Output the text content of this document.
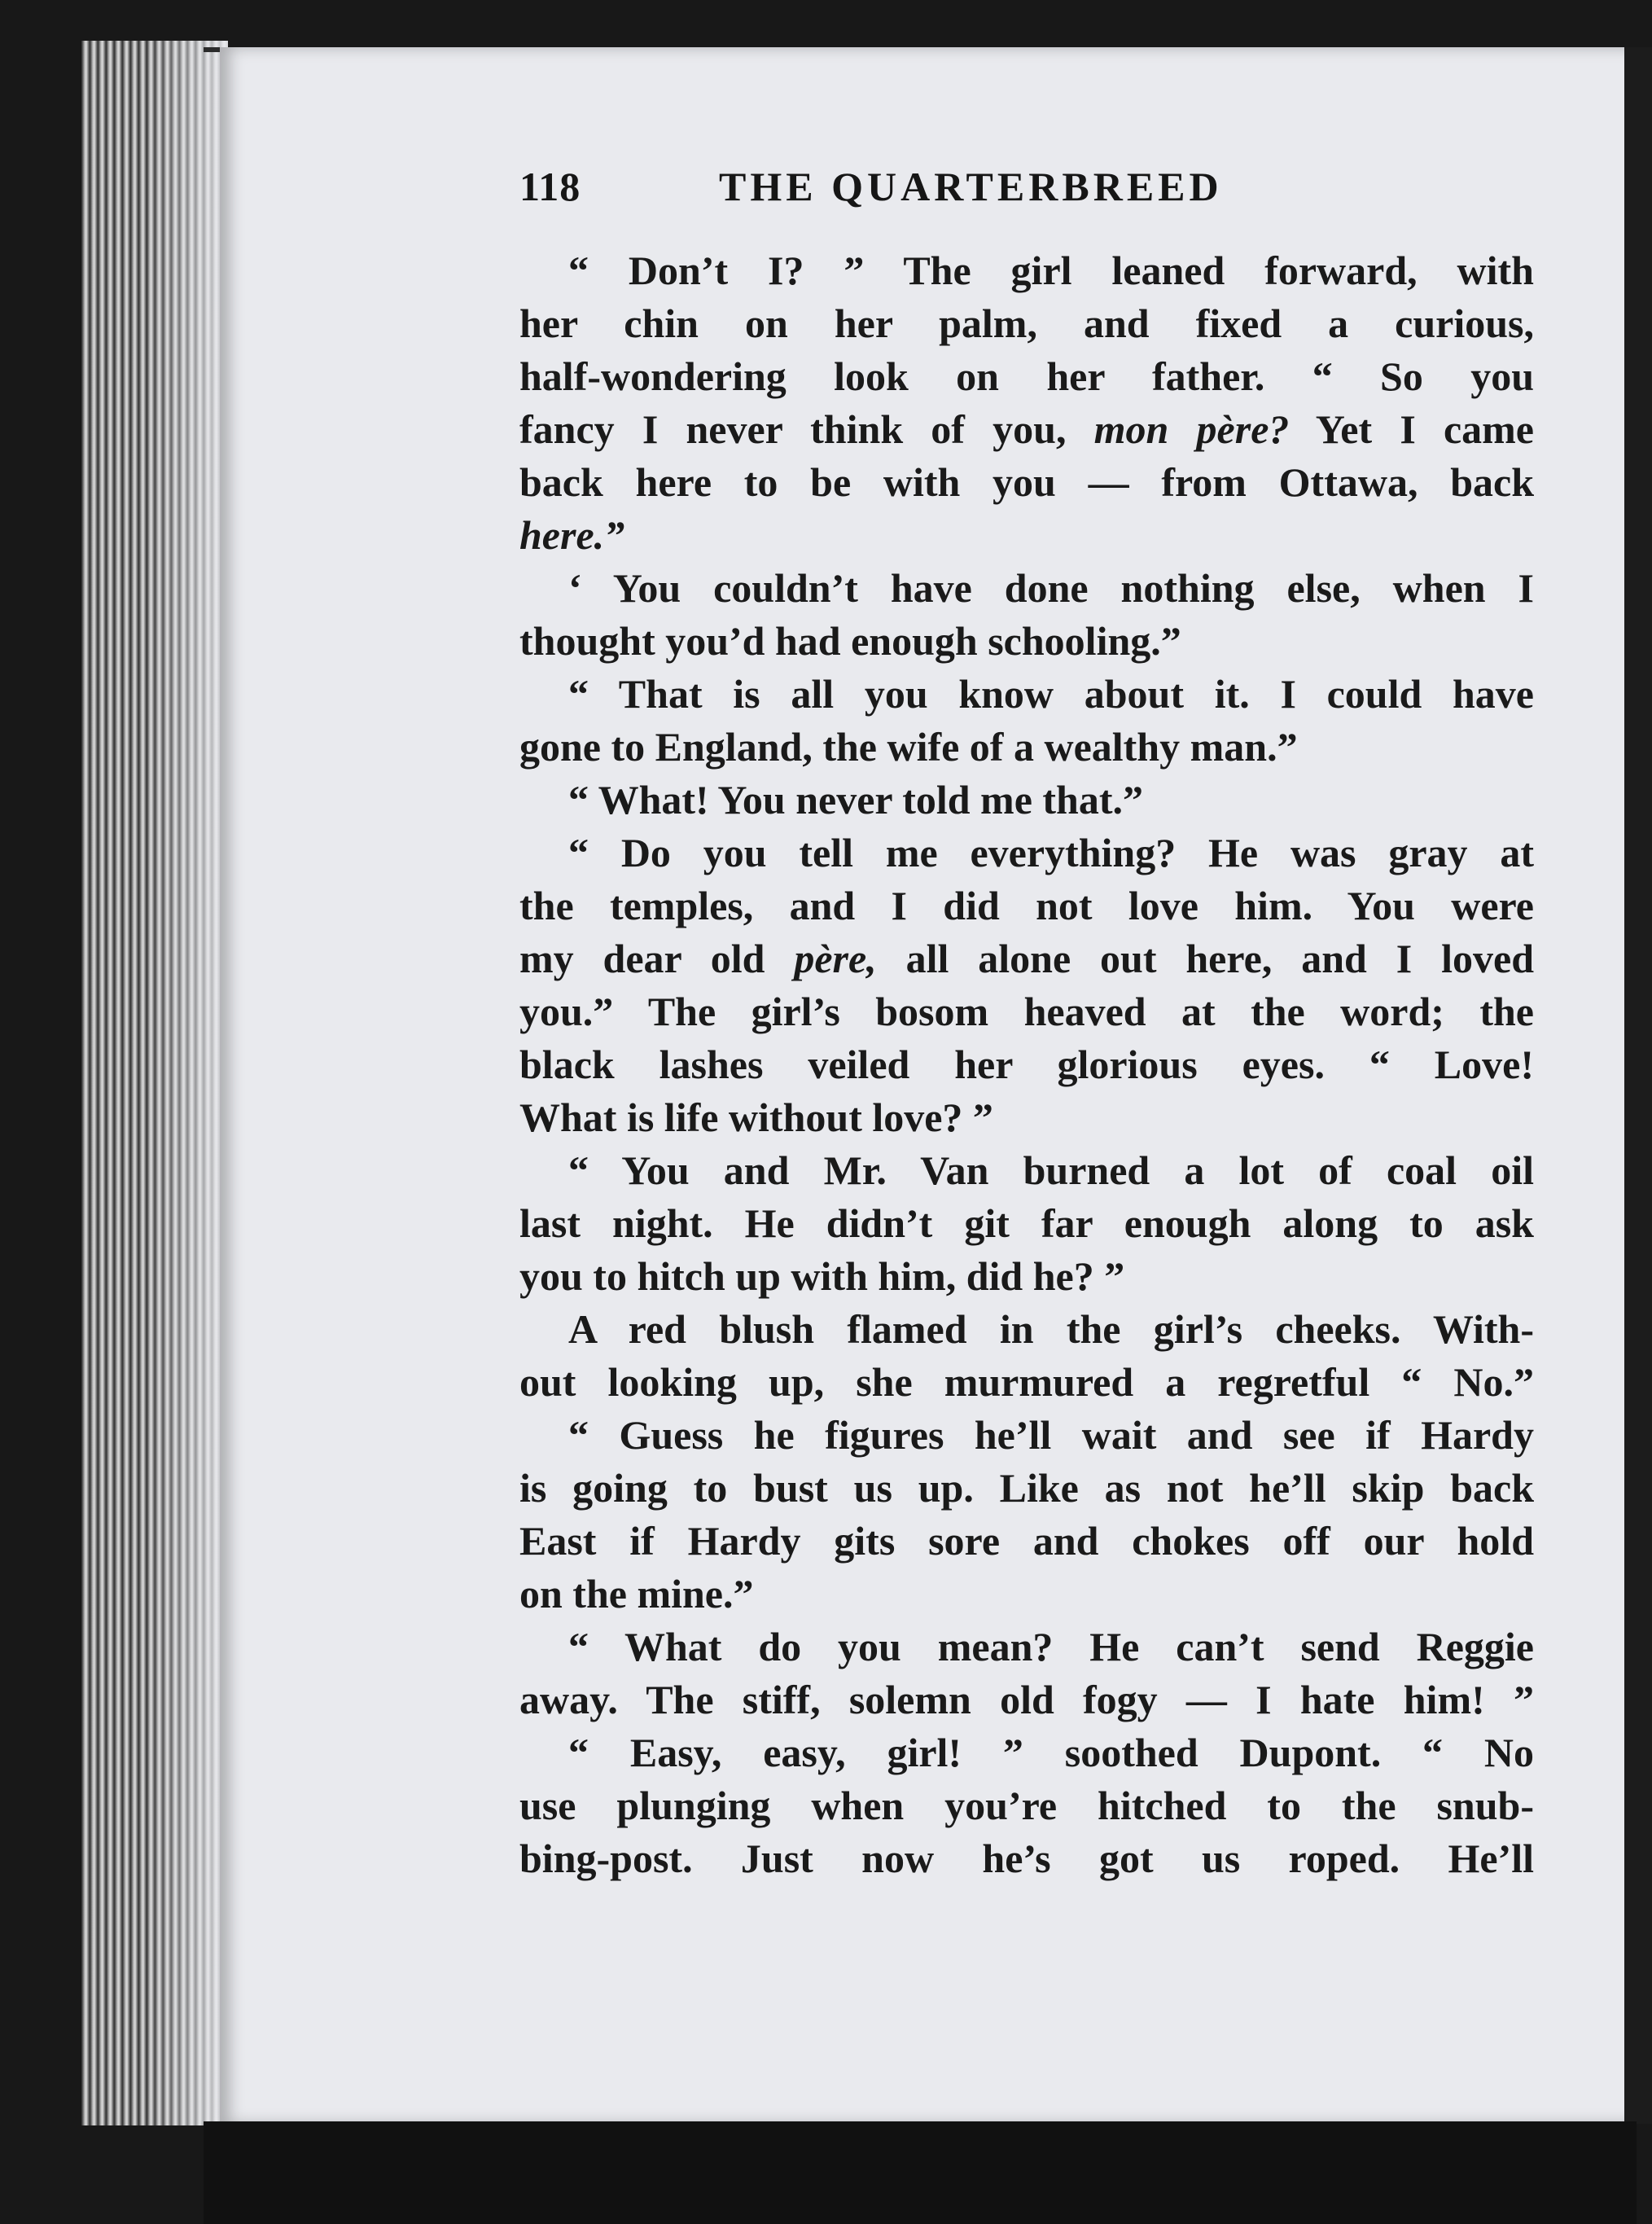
118	THE QUARTERBREED
“ Don’t I? ” The girl leaned forward, with
her chin on her palm, and fixed a curious,
half-wondering look on her father. “ So you
fancy I never think of you, mon père? Yet I came
back here to be with you — from Ottawa, back
here.”
‘ You couldn’t have done nothing else, when I
thought you’d had enough schooling.”
“ That is all you know about it. I could have
gone to England, the wife of a wealthy man.”
“ What! You never told me that.”
“ Do you tell me everything? He was gray at
the temples, and I did not love him. You were
my dear old père, all alone out here, and I loved
you.” The girl’s bosom heaved at the word; the
black lashes veiled her glorious eyes. “ Love!
What is life without love? ”
“ You and Mr. Van burned a lot of coal oil
last night. He didn’t git far enough along to ask
you to hitch up with him, did he? ”
A red blush flamed in the girl’s cheeks. With-
out looking up, she murmured a regretful “ No.”
“ Guess he figures he’ll wait and see if Hardy
is going to bust us up. Like as not he’ll skip back
East if Hardy gits sore and chokes off our hold
on the mine.”
“ What do you mean? He can’t send Reggie
away. The stiff, solemn old fogy — I hate him! ”
“ Easy, easy, girl! ” soothed Dupont. “ No
use plunging when you’re hitched to the snub-
bing-post. Just now he’s got us roped. He’ll
